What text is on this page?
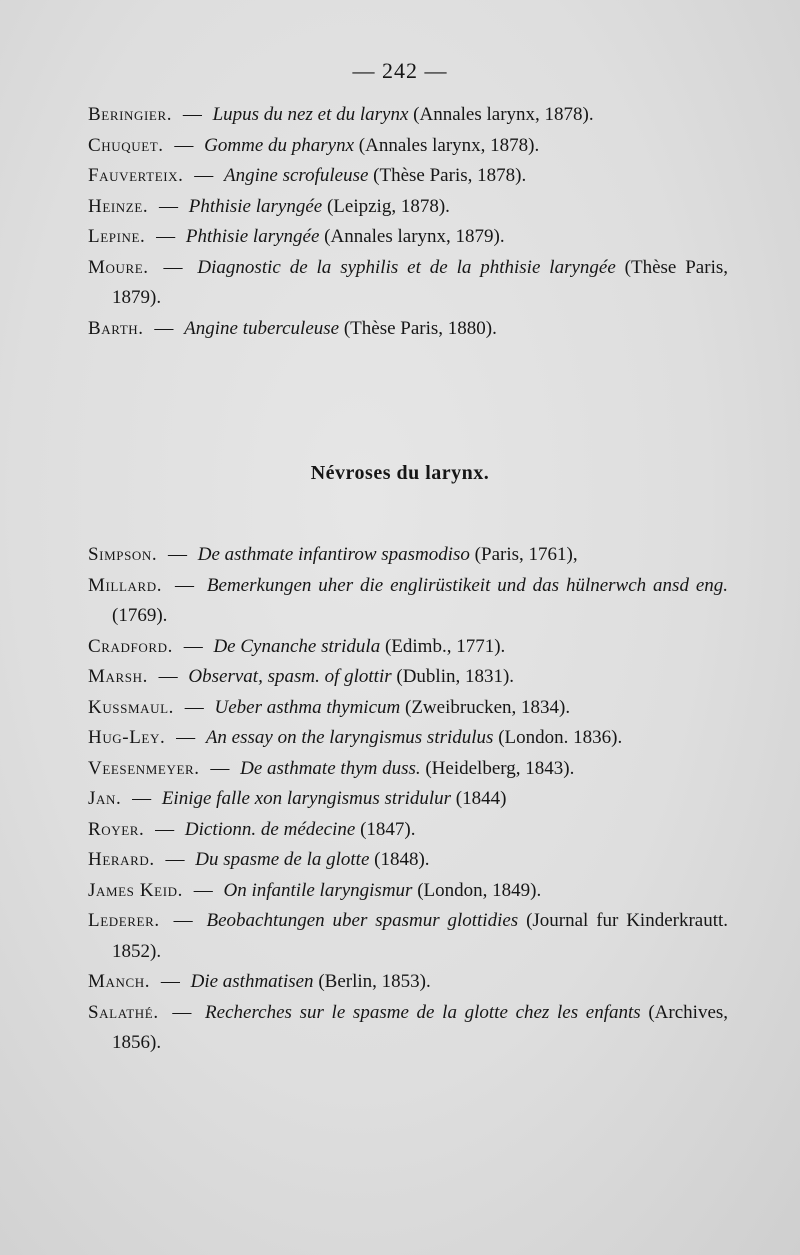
— 242 —
Beringier. — Lupus du nez et du larynx (Annales larynx, 1878).
Chuquet. — Gomme du pharynx (Annales larynx, 1878).
Fauverteix. — Angine scrofuleuse (Thèse Paris, 1878).
Heinze. — Phthisie laryngée (Leipzig, 1878).
Lepine. — Phthisie laryngée (Annales larynx, 1879).
Moure. — Diagnostic de la syphilis et de la phthisie laryngée (Thèse Paris, 1879).
Barth. — Angine tuberculeuse (Thèse Paris, 1880).
Névroses du larynx.
Simpson. — De asthmate infantirow spasmodiso (Paris, 1761),
Millard. — Bemerkungen uher die englirüstikeit und das hülnerwch ansd eng. (1769).
Cradford. — De Cynanche stridula (Edimb., 1771).
Marsh. — Observat, spasm. of glottir (Dublin, 1831).
Kussmaul. — Ueber asthma thymicum (Zweibrucken, 1834).
Hug-Ley. — An essay on the laryngismus stridulus (London. 1836).
Veesenmeyer. — De asthmate thym duss. (Heidelberg, 1843).
Jan. — Einige falle xon laryngismus stridulur (1844)
Royer. — Dictionn. de médecine (1847).
Herard. — Du spasme de la glotte (1848).
James Keid. — On infantile laryngismur (London, 1849).
Lederer. — Beobachtungen uber spasmur glottidies (Journal fur Kinderkrautt. 1852).
Manch. — Die asthmatisen (Berlin, 1853).
Salathé. — Recherches sur le spasme de la glotte chez les enfants (Archives, 1856).
